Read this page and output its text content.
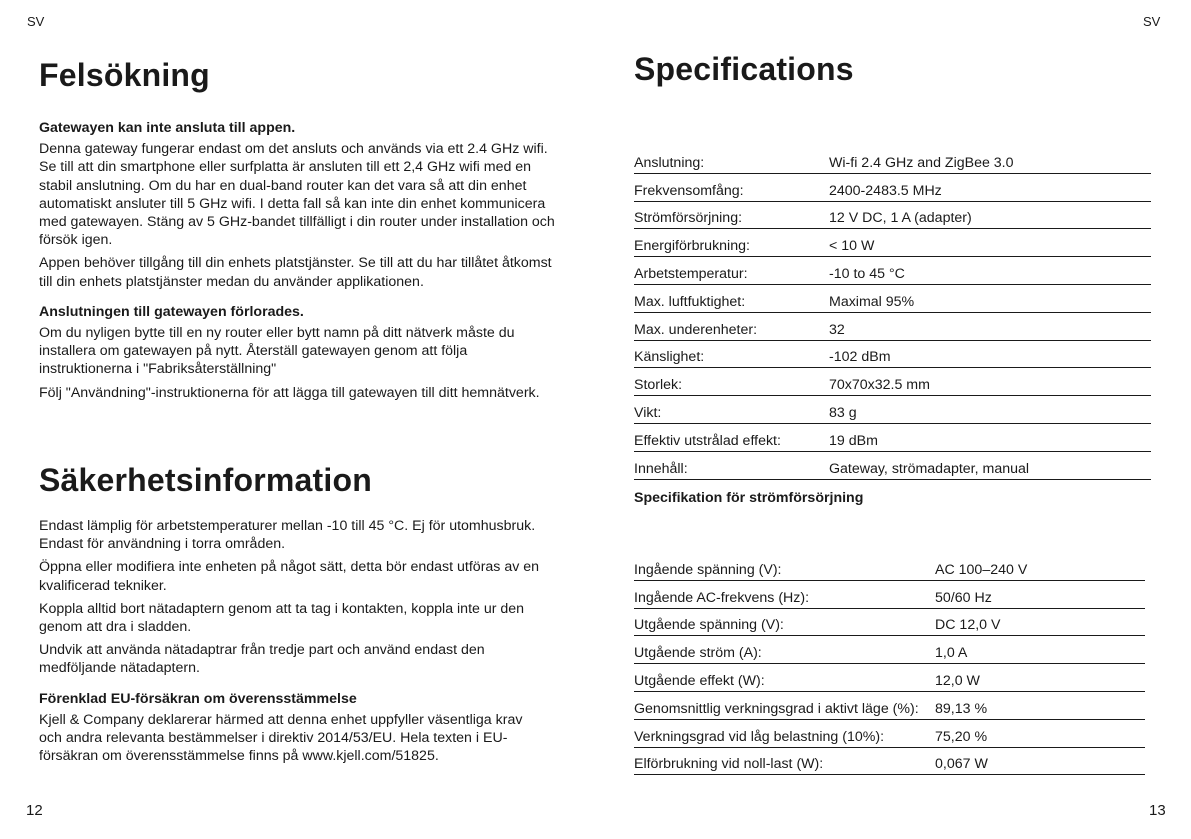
SV
Felsökning
Gatewayen kan inte ansluta till appen.

Denna gateway fungerar endast om det ansluts och används via ett 2.4 GHz wifi. Se till att din smartphone eller surfplatta är ansluten till ett 2,4 GHz wifi med en stabil anslutning. Om du har en dual-band router kan det vara så att din enhet automatiskt ansluter till 5 GHz wifi. I detta fall så kan inte din enhet kommunicera med gatewayen. Stäng av 5 GHz-bandet tillfälligt i din router under installation och försök igen.

Appen behöver tillgång till din enhets platstjänster. Se till att du har tillåtet åtkomst till din enhets platstjänster medan du använder applikationen.

Anslutningen till gatewayen förlorades.

Om du nyligen bytte till en ny router eller bytt namn på ditt nätverk måste du installera om gatewayen på nytt. Återställ gatewayen genom att följa instruktionerna i "Fabriksåterställning"

Följ "Användning"-instruktionerna för att lägga till gatewayen till ditt hemnätverk.

Säkerhetsinformation

Endast lämplig för arbetstemperaturer mellan -10 till 45 °C. Ej för utomhusbruk. Endast för användning i torra områden.

Öppna eller modifiera inte enheten på något sätt, detta bör endast utföras av en kvalificerad tekniker.

Koppla alltid bort nätadaptern genom att ta tag i kontakten, koppla inte ur den genom att dra i sladden.

Undvik att använda nätadaptrar från tredje part och använd endast den medföljande nätadaptern.

Förenklad EU-försäkran om överensstämmelse

Kjell & Company deklarerar härmed att denna enhet uppfyller väsentliga krav och andra relevanta bestämmelser i direktiv 2014/53/EU. Hela texten i EU-försäkran om överensstämmelse finns på www.kjell.com/51825.

12
SV
Specifications
Anslutning:	Wi-fi 2.4 GHz and ZigBee 3.0
Frekvensomfång:	2400-2483.5 MHz
Strömförsörjning:	12 V DC, 1 A (adapter)
Energiförbrukning:	< 10 W
Arbetstemperatur:	-10 to 45 °C
Max. luftfuktighet:	Maximal 95%
Max. underenheter:	32
Känslighet:	-102 dBm
Storlek:	70x70x32.5 mm
Vikt:	83 g
Effektiv utstrålad effekt:	19 dBm
Innehåll:	Gateway, strömadapter, manual
Specifikation för strömförsörjning
Ingående spänning (V):	AC 100–240 V
Ingående AC-frekvens (Hz):	50/60 Hz
Utgående spänning (V):	DC 12,0 V
Utgående ström (A):	1,0 A
Utgående effekt (W):	12,0 W
Genomsnittlig verkningsgrad i aktivt läge (%):	89,13 %
Verkningsgrad vid låg belastning (10%):	75,20 %
Elförbrukning vid noll-last (W):	0,067 W
13
